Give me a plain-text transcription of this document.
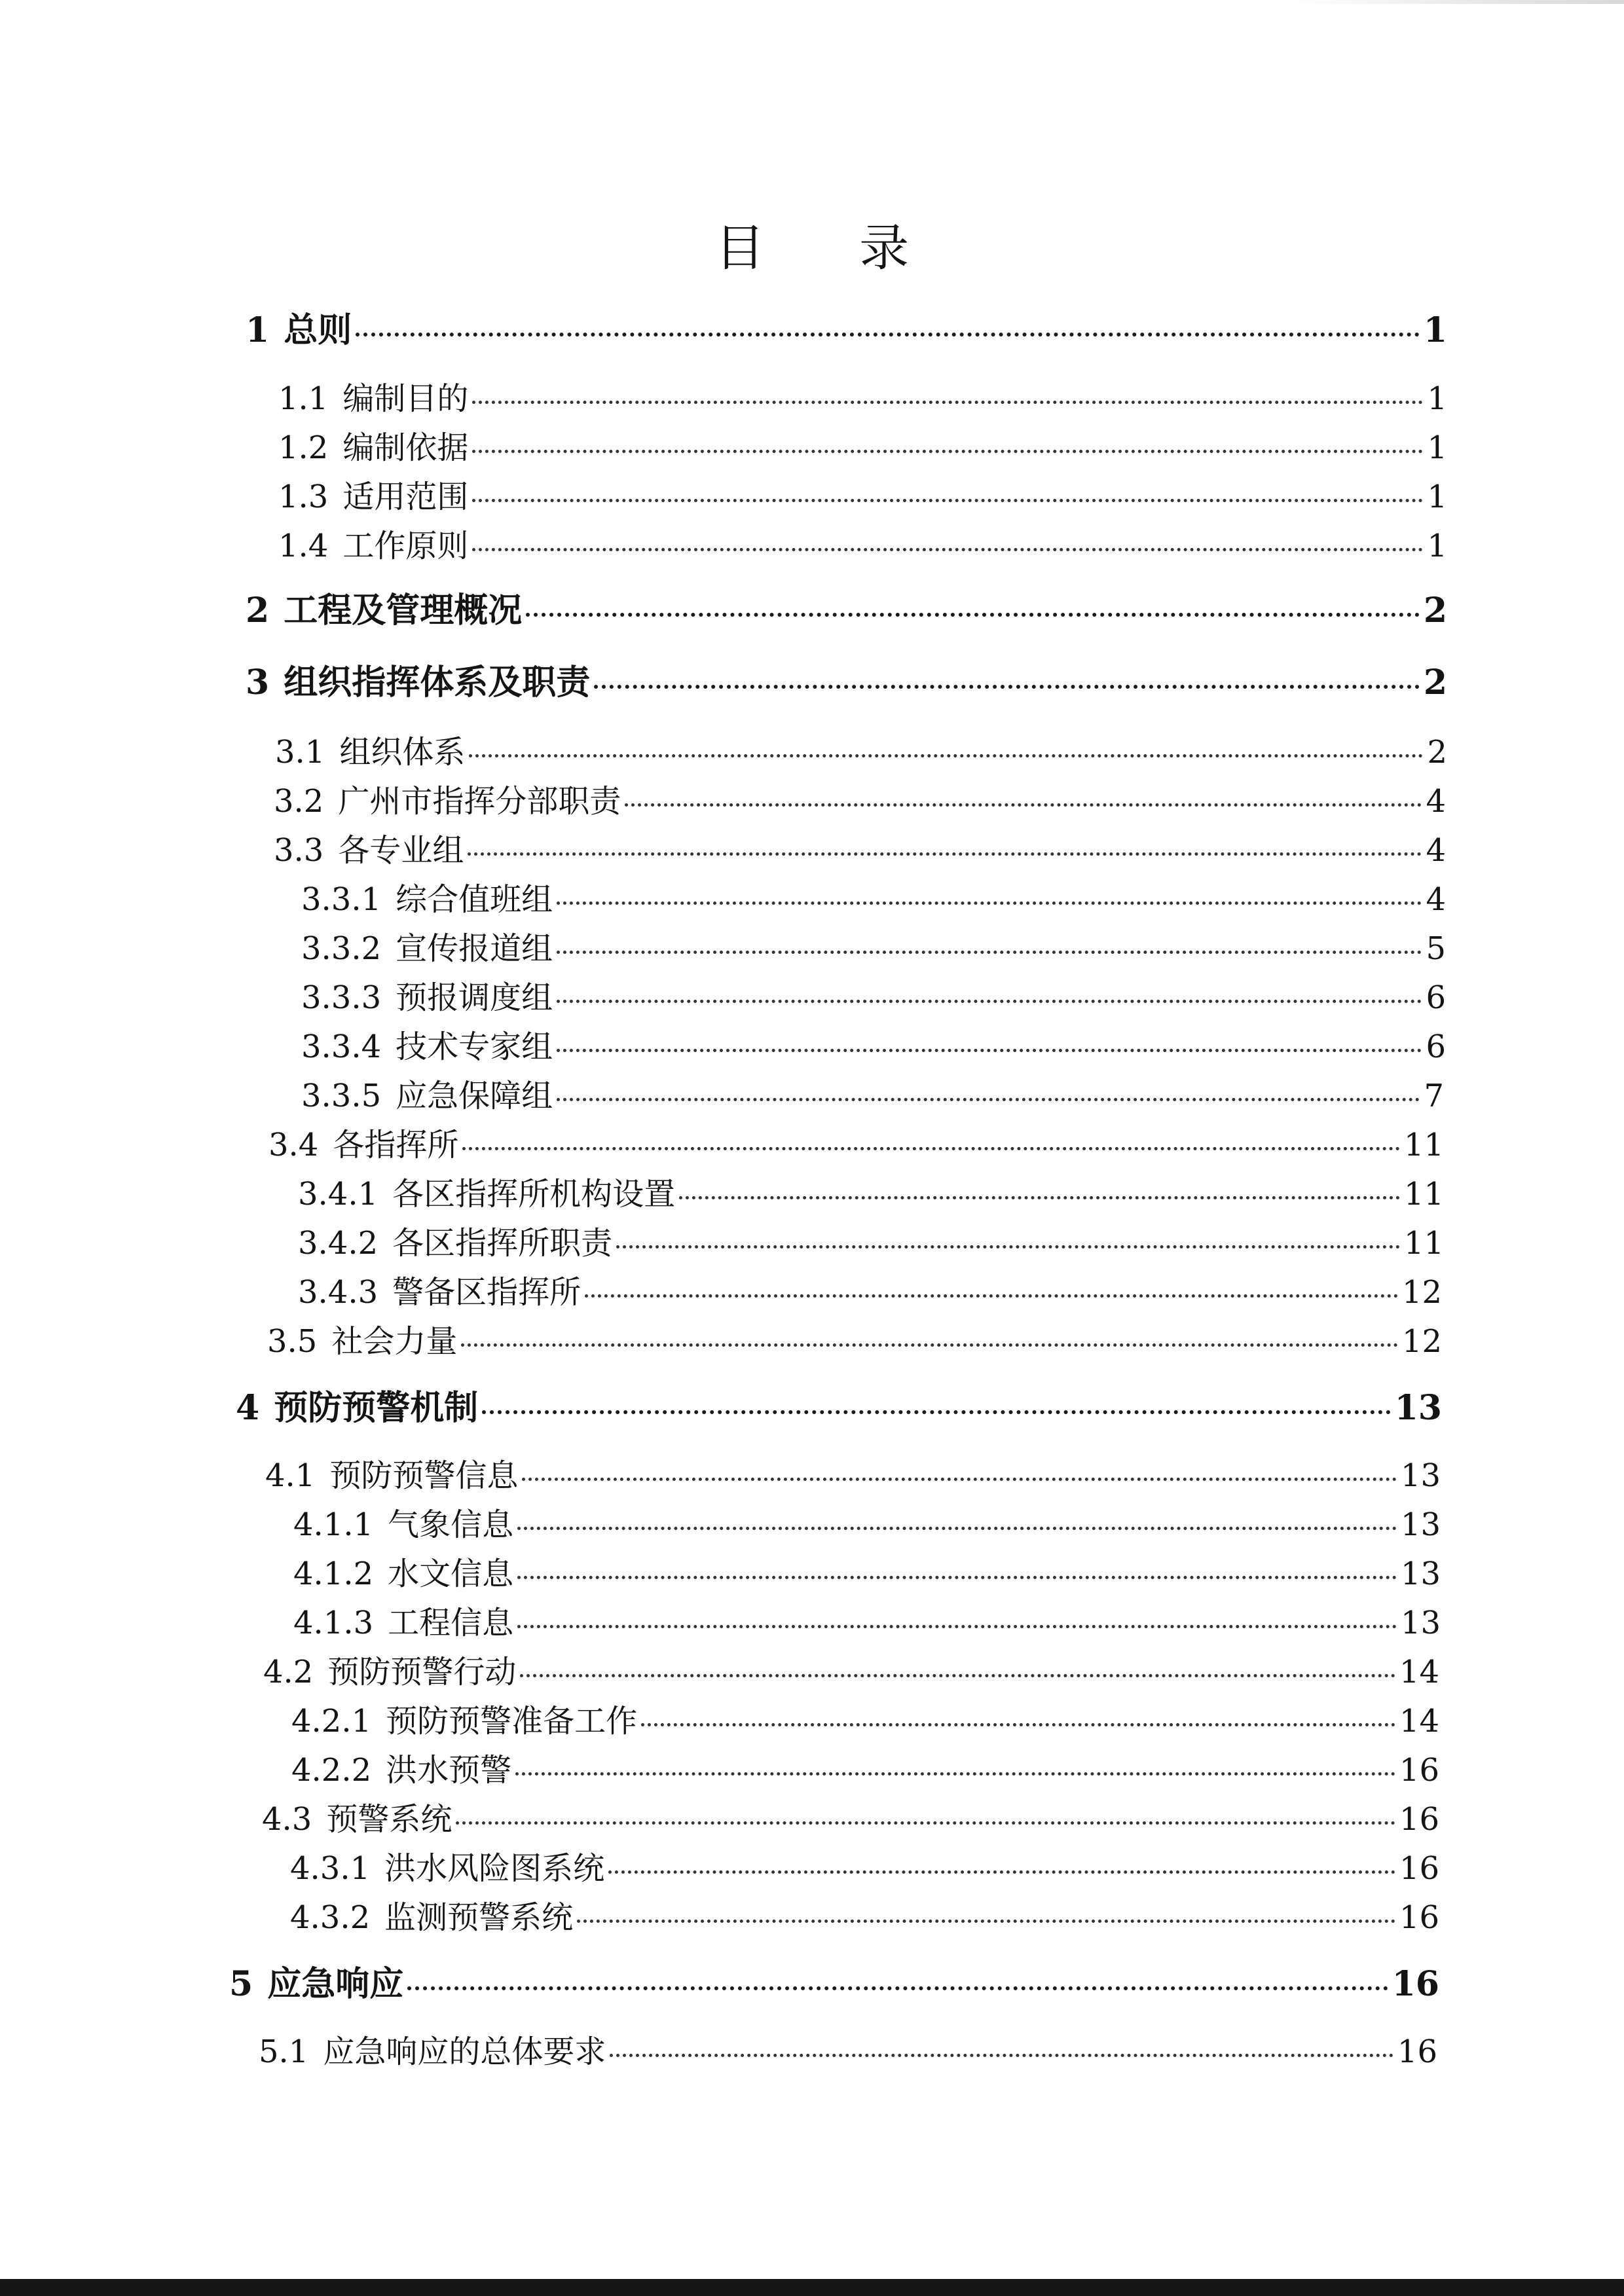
目 录
1 总则	1
1.1 编制目的	1
1.2 编制依据	1
1.3 适用范围	1
1.4 工作原则	1
2 工程及管理概况	2
3 组织指挥体系及职责	2
3.1 组织体系	2
3.2 广州市指挥分部职责	4
3.3 各专业组	4
3.3.1 综合值班组	4
3.3.2 宣传报道组	5
3.3.3 预报调度组	6
3.3.4 技术专家组	6
3.3.5 应急保障组	7
3.4 各指挥所	11
3.4.1 各区指挥所机构设置	11
3.4.2 各区指挥所职责	11
3.4.3 警备区指挥所	12
3.5 社会力量	12
4 预防预警机制	13
4.1 预防预警信息	13
4.1.1 气象信息	13
4.1.2 水文信息	13
4.1.3 工程信息	13
4.2 预防预警行动	14
4.2.1 预防预警准备工作	14
4.2.2 洪水预警	16
4.3 预警系统	16
4.3.1 洪水风险图系统	16
4.3.2 监测预警系统	16
5 应急响应	16
5.1 应急响应的总体要求	16
